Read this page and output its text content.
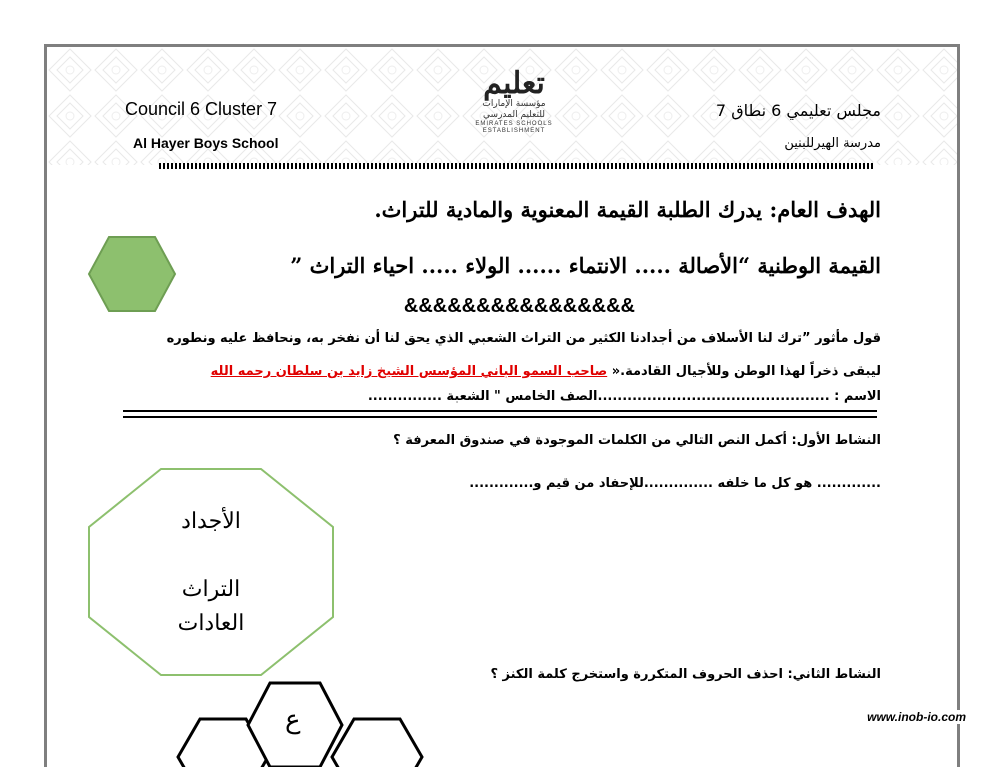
Council 6 Cluster 7
Al Hayer Boys School
مجلس تعليمي 6 نطاق 7
مدرسة الهيرللبنين
تعليم
مؤسسة الإمارات للتعليم المدرسي
EMIRATES SCHOOLS ESTABLISHMENT
الهدف العام: يدرك الطلبة القيمة المعنوية والمادية للتراث.
القيمة الوطنية “الأصالة ..... الانتماء ...... الولاء ..... احياء التراث ”
&&&&&&&&&&&&&&&&
قول مأثور ”ترك لنا الأسلاف من أجدادنا الكثير من التراث الشعبي الذي يحق لنا أن نفخر به، ونحافظ عليه ونطوره
ليبقى ذخراً لهذا الوطن وللأجيال القادمة.« صاحب السمو الباني المؤسس الشيخ زايد بن سلطان رحمه الله
الاسم : ...............................................الصف الخامس " الشعبة ...............
النشاط الأول: أكمل النص التالي من الكلمات الموجودة في صندوق المعرفة ؟
............. هو كل ما خلفه ..............للإحفاد من قيم و.............
الأجداد
التراث
العادات
النشاط الثاني: احذف الحروف المتكررة واستخرج كلمة الكنز ؟
ع	www.inob-io.com
